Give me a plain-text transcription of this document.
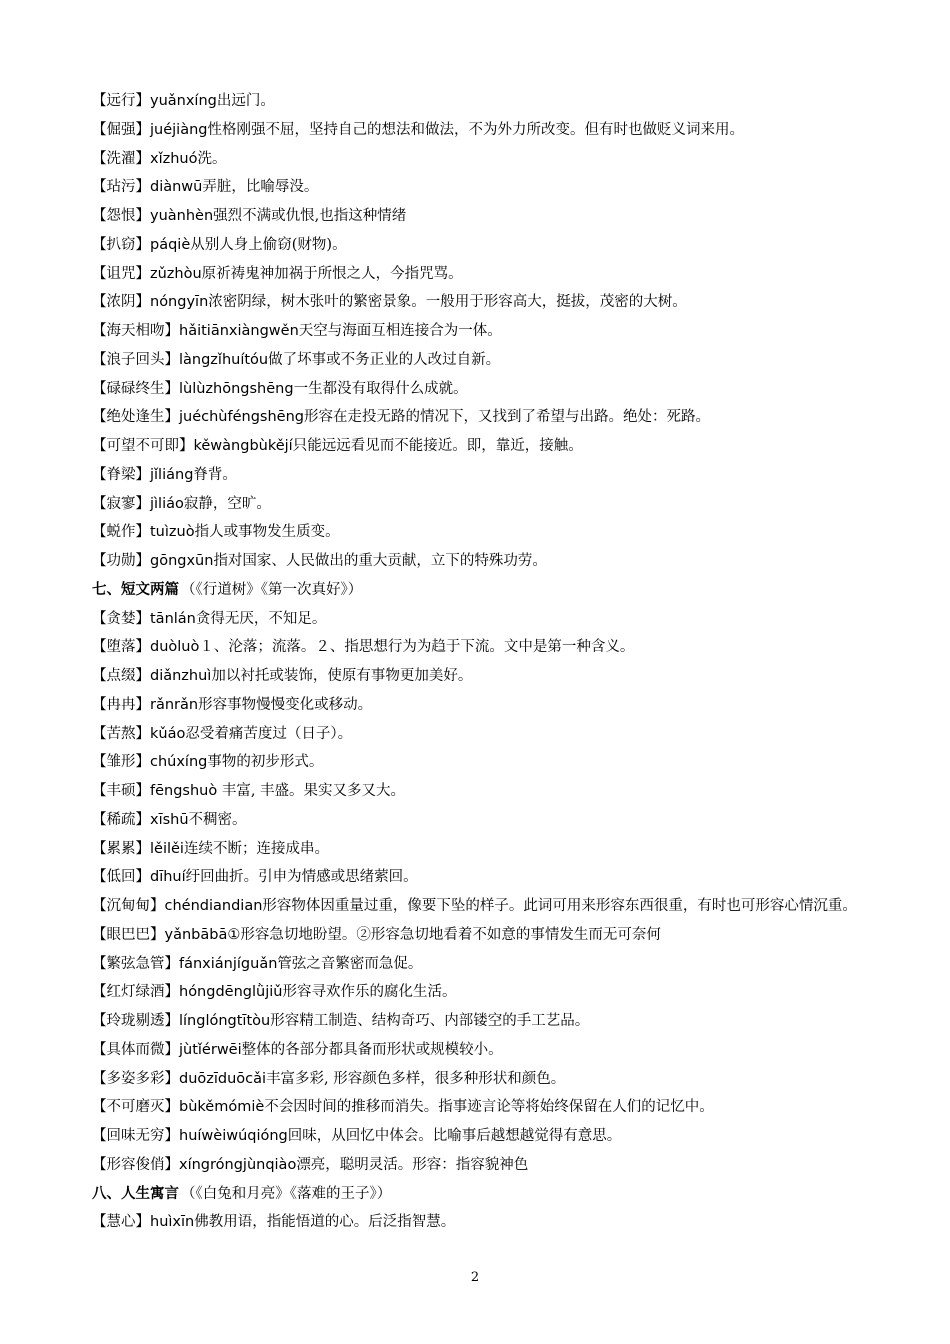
【远行】yuǎnxíng出远门。
【倔强】juéjiàng性格刚强不屈，坚持自己的想法和做法，不为外力所改变。但有时也做贬义词来用。
【洗濯】xǐzhuó洗。
【玷污】diànwū弄脏，比喻辱没。
【怨恨】yuànhèn强烈不满或仇恨,也指这种情绪
【扒窃】páqiè从别人身上偷窃(财物)。
【诅咒】zǔzhòu原祈祷鬼神加祸于所恨之人，今指咒骂。
【浓阴】nóngyīn浓密阴绿，树木张叶的繁密景象。一般用于形容高大，挺拔，茂密的大树。
【海天相吻】hǎitiānxiàngwěn天空与海面互相连接合为一体。
【浪子回头】làngzǐhuítóu做了坏事或不务正业的人改过自新。
【碌碌终生】lùlùzhōngshēng一生都没有取得什么成就。
【绝处逢生】juéchùféngshēng形容在走投无路的情况下，又找到了希望与出路。绝处：死路。
【可望不可即】kěwàngbùkějí只能远远看见而不能接近。即，靠近，接触。
【脊梁】jǐliáng脊背。
【寂寥】jìliáo寂静，空旷。
【蜕作】tuìzuò指人或事物发生质变。
【功勋】gōngxūn指对国家、人民做出的重大贡献，立下的特殊功劳。
七、短文两篇 （《行道树》《第一次真好》）
【贪婪】tānlán贪得无厌，不知足。
【堕落】duòluò１、沦落；流落。２、指思想行为为趋于下流。文中是第一种含义。
【点缀】diǎnzhuì加以衬托或装饰，使原有事物更加美好。
【冉冉】rǎnrǎn形容事物慢慢变化或移动。
【苦熬】kǔáo忍受着痛苦度过（日子）。
【雏形】chúxíng事物的初步形式。
【丰硕】fēngshuò 丰富, 丰盛。果实又多又大。
【稀疏】xīshū不稠密。
【累累】lěilěi连续不断；连接成串。
【低回】dīhuí纡回曲折。引申为情感或思绪萦回。
【沉甸甸】chéndiandian形容物体因重量过重，像要下坠的样子。此词可用来形容东西很重，有时也可形容心情沉重。
【眼巴巴】yǎnbābā①形容急切地盼望。②形容急切地看着不如意的事情发生而无可奈何
【繁弦急管】fánxiánjíguǎn管弦之音繁密而急促。
【红灯绿酒】hóngdēnglǜjiǔ形容寻欢作乐的腐化生活。
【玲珑剔透】línglóngtītòu形容精工制造、结构奇巧、内部镂空的手工艺品。
【具体而微】jùtǐérwēi整体的各部分都具备而形状或规模较小。
【多姿多彩】duōzīduōcǎi丰富多彩, 形容颜色多样，很多种形状和颜色。
【不可磨灭】bùkěmómiè不会因时间的推移而消失。指事迹言论等将始终保留在人们的记忆中。
【回味无穷】huíwèiwúqióng回味，从回忆中体会。比喻事后越想越觉得有意思。
【形容俊俏】xíngróngjùnqiào漂亮，聪明灵活。形容：指容貌神色
八、人生寓言 （《白兔和月亮》《落难的王子》）
【慧心】huìxīn佛教用语，指能悟道的心。后泛指智慧。
2
